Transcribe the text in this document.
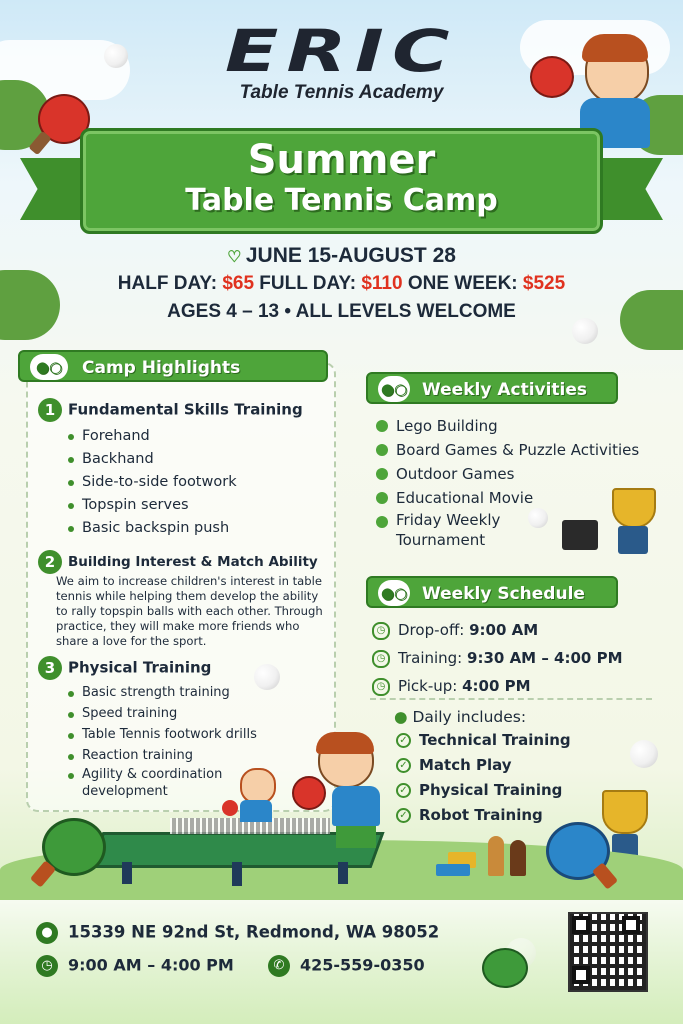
ERIC
Table Tennis Academy
Summer
Table Tennis Camp
♡ JUNE 15-AUGUST 28
HALF DAY: $65 FULL DAY: $110 ONE WEEK: $525
AGES 4 – 13 • ALL LEVELS WELCOME
●○	Camp Highlights
1 Fundamental Skills Training
Forehand
Backhand
Side-to-side footwork
Topspin serves
Basic backspin push
2 Building Interest & Match Ability
We aim to increase children's interest in table tennis while helping them develop the ability to rally topspin balls with each other. Through practice, they will make more friends who share a love for the sport.
3 Physical Training
Basic strength training
Speed training
Table Tennis footwork drills
Reaction training
Agility & coordination development
●○ Weekly Activities
Lego Building
Board Games & Puzzle Activities
Outdoor Games
Educational Movie
Friday Weekly Tournament
●○ Weekly Schedule
◷ Drop-off: 9:00 AM
◷ Training: 9:30 AM – 4:00 PM
◷ Pick-up: 4:00 PM
● Daily includes:
✓ Technical Training
✓ Match Play
✓ Physical Training
✓ Robot Training
● 15339 NE 92nd St, Redmond, WA 98052
◷ 9:00 AM – 4:00 PM	✆ 425-559-0350
